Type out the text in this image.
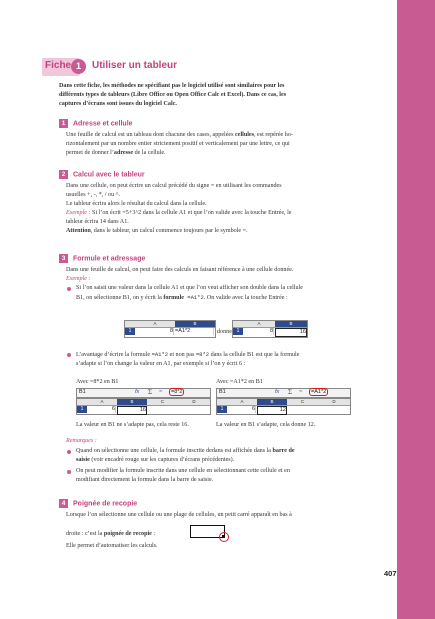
Fiche 1	Utiliser un tableur
Dans cette fiche, les méthodes ne spécifiant pas le logiciel utilisé sont similaires pour les
différents types de tableurs (Libre Office ou Open Office Calc et Excel). Dans ce cas, les
captures d’écrans sont issues du logiciel Calc.
1 Adresse et cellule
Une feuille de calcul est un tableau dont chacune des cases, appelées cellules, est repérée ho-
rizontalement par un nombre entier strictement positif et verticalement par une lettre, ce qui
permet de donner l’adresse de la cellule.
2 Calcul avec le tableur
Dans une cellule, on peut écrire un calcul précédé du signe = en utilisant les commandes
usuelles +, -, *, / ou ^.
Le tableur écrira alors le résultat du calcul dans la cellule.
Exemple : Si l’on écrit =5+3^2 dans la cellule A1 et que l’on valide avec la touche Entrée, le
tableur écrira 14 dans A1.
Attention, dans le tableur, un calcul commence toujours par le symbole =.
3 Formule et adressage
Dans une feuille de calcul, on peut faire des calculs en faisant référence à une cellule donnée.
Exemple :
Si l’on saisit une valeur dans la cellule A1 et que l’on veut afficher son double dans la cellule
B1, on sélectionne B1, on y écrit la formule =A1*2. On valide avec la touche Entrée :
A	B
1	8 =A1*2	donne
A	B
1	8	16
L’avantage d’écrire la formule =A1*2 et non pas =8*2 dans la cellule B1 est que la formule
s’adapte si l’on change la valeur en A1, par exemple si l’on y écrit 6 :
Avec =8*2 en B1
B1	fx Σ =	=8*2
A	B	C	D
1	6	16
La valeur en B1 ne s’adapte pas, cela reste 16.
Avec =A1*2 en B1
B1	fx Σ =	=A1*2
A	B	C	D
1	6	12
La valeur en B1 s’adapte, cela donne 12.
Remarques :
Quand on sélectionne une cellule, la formule inscrite dedans est affichée dans la barre de
saisie (voir encadré rouge sur les captures d’écrans précédentes).
On peut modifier la formule inscrite dans une cellule en sélectionnant cette cellule et en
modifiant directement la formule dans la barre de saisie.
4 Poignée de recopie
Lorsque l’on sélectionne une cellule ou une plage de cellules, un petit carré apparaît en bas à
droite : c’est la poignée de recopie :
Elle permet d’automatiser les calculs.
407
